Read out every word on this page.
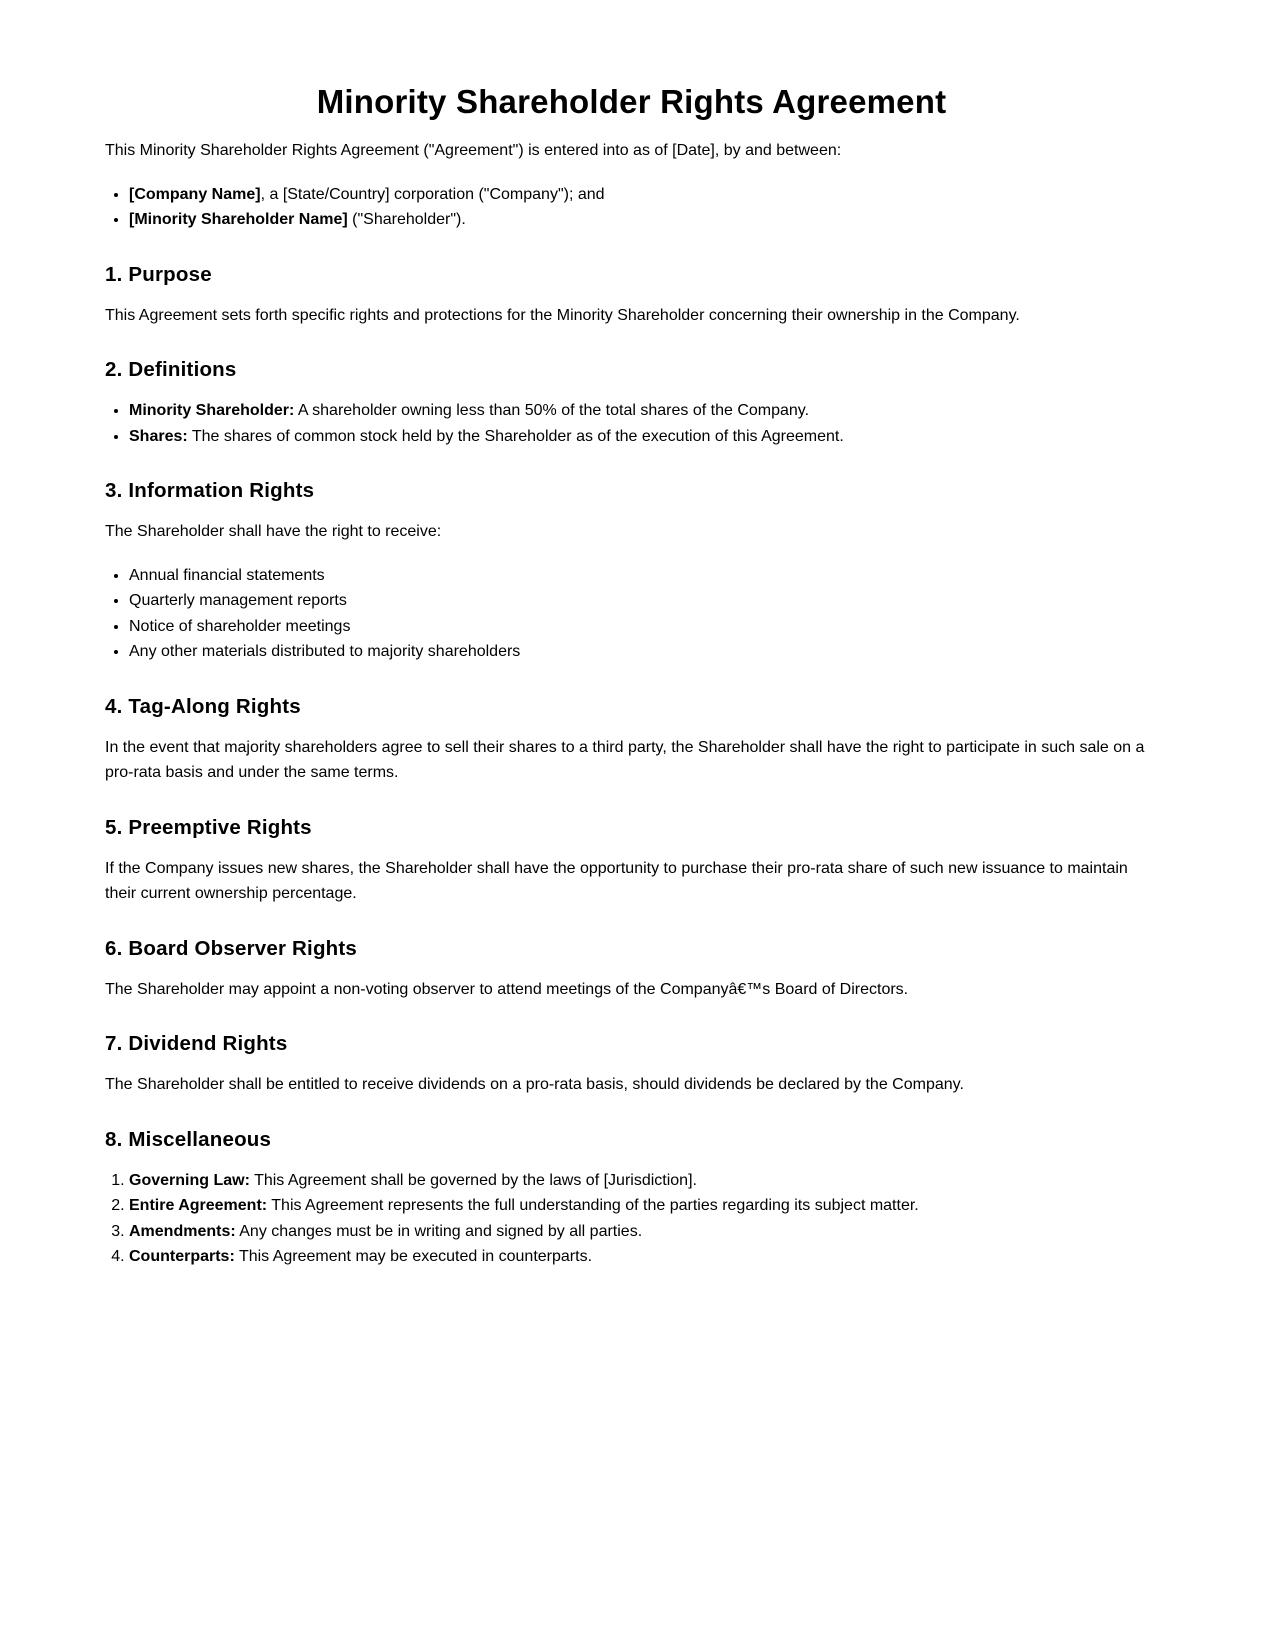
Minority Shareholder Rights Agreement

This Minority Shareholder Rights Agreement ("Agreement") is entered into as of [Date], by and between:

• [Company Name], a [State/Country] corporation ("Company"); and
• [Minority Shareholder Name] ("Shareholder").
1. Purpose

This Agreement sets forth specific rights and protections for the Minority Shareholder concerning their ownership in the Company.

2. Definitions
• Minority Shareholder: A shareholder owning less than 50% of the total shares of the Company.
• Shares: The shares of common stock held by the Shareholder as of the execution of this Agreement.
3. Information Rights

The Shareholder shall have the right to receive:

• Annual financial statements
• Quarterly management reports
• Notice of shareholder meetings
• Any other materials distributed to majority shareholders
4. Tag-Along Rights

In the event that majority shareholders agree to sell their shares to a third party, the Shareholder shall have the right to participate in such sale on a pro-rata basis and under the same terms.

5. Preemptive Rights

If the Company issues new shares, the Shareholder shall have the opportunity to purchase their pro-rata share of such new issuance to maintain their current ownership percentage.

6. Board Observer Rights

The Shareholder may appoint a non-voting observer to attend meetings of the Companyâ€™s Board of Directors.

7. Dividend Rights

The Shareholder shall be entitled to receive dividends on a pro-rata basis, should dividends be declared by the Company.

8. Miscellaneous
1. Governing Law: This Agreement shall be governed by the laws of [Jurisdiction].
2. Entire Agreement: This Agreement represents the full understanding of the parties regarding its subject matter.
3. Amendments: Any changes must be in writing and signed by all parties.
4. Counterparts: This Agreement may be executed in counterparts.
